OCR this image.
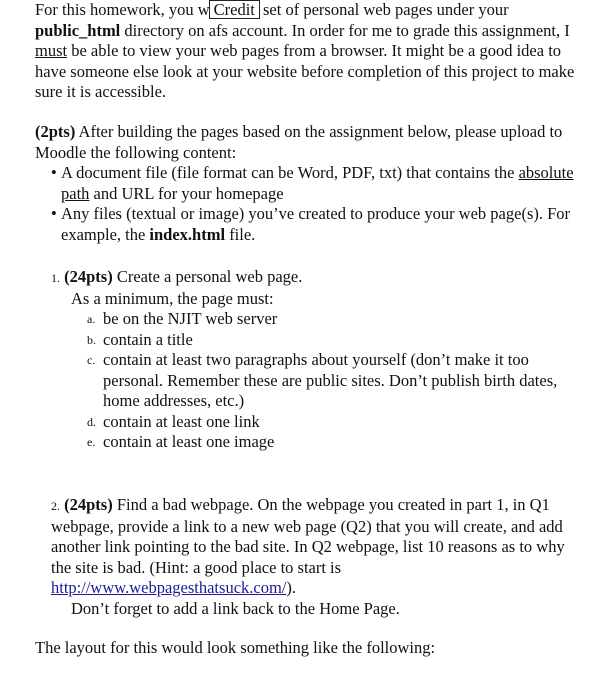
For this homework, you w Credit set of personal web pages under your public_html directory on afs account. In order for me to grade this assignment, I must be able to view your web pages from a browser. It might be a good idea to have someone else look at your website before completion of this project to make sure it is accessible.

(2pts) After building the pages based on the assignment below, please upload to Moodle the following content:

• A document file (file format can be Word, PDF, txt) that contains the absolute path and URL for your homepage
• Any files (textual or image) you’ve created to produce your web page(s). For example, the index.html file.

1. (24pts) Create a personal web page.

As a minimum, the page must:

a. be on the NJIT web server
b. contain a title
c. contain at least two paragraphs about yourself (don’t make it too personal. Remember these are public sites. Don’t publish birth dates, home addresses, etc.)
d. contain at least one link
e. contain at least one image

2. (24pts) Find a bad webpage. On the webpage you created in part 1, in Q1 webpage, provide a link to a new web page (Q2) that you will create, and add another link pointing to the bad site. In Q2 webpage, list 10 reasons as to why the site is bad. (Hint: a good place to start is http://www.webpagesthatsuck.com/).

Don’t forget to add a link back to the Home Page.

The layout for this would look something like the following:
